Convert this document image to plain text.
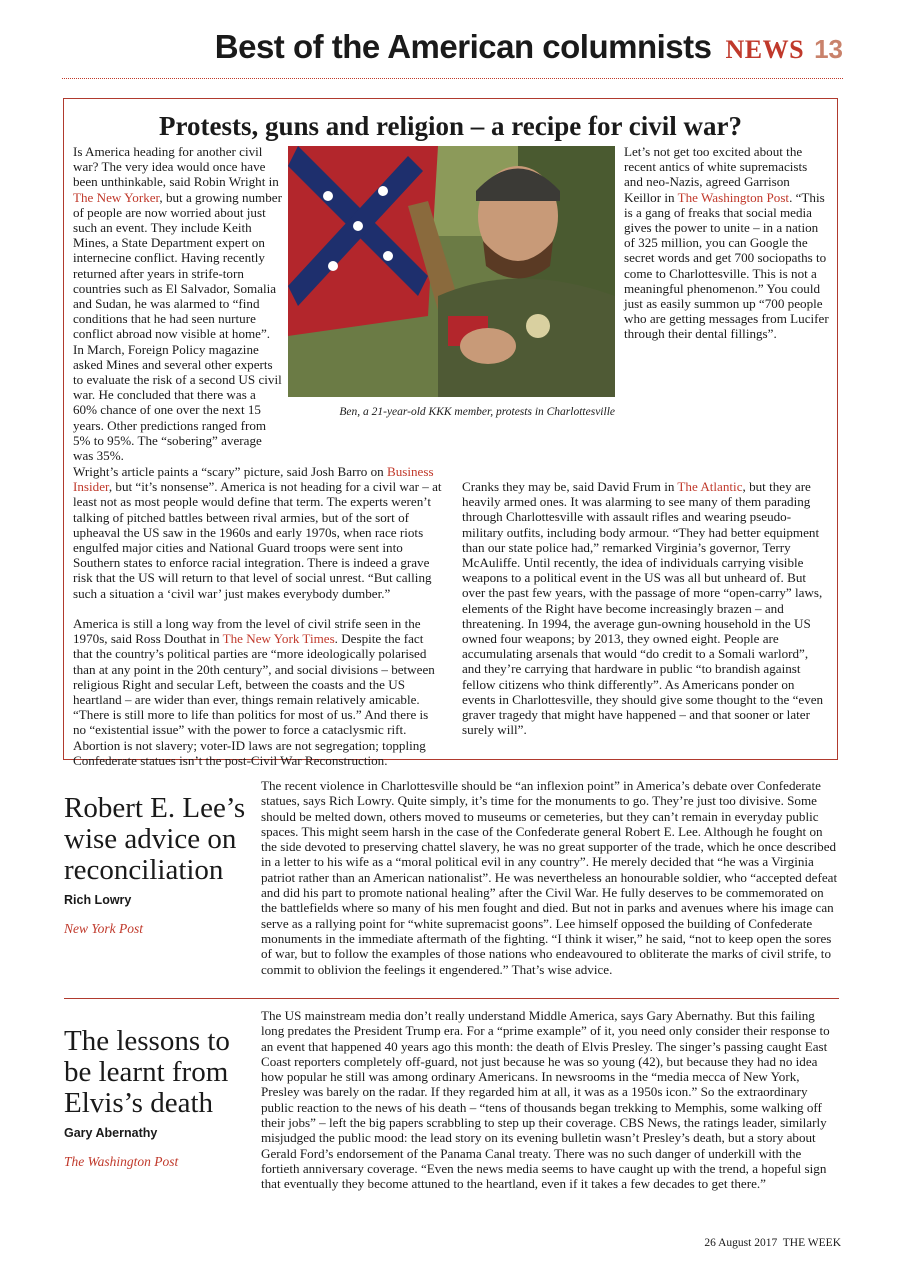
Best of the American columnists NEWS 13
Protests, guns and religion – a recipe for civil war?

Is America heading for another civil war? The very idea would once have been unthinkable, said Robin Wright in The New Yorker, but a growing number of people are now worried about just such an event. They include Keith Mines, a State Department expert on internecine conflict. Having recently returned after years in strife-torn countries such as El Salvador, Somalia and Sudan, he was alarmed to “find conditions that he had seen nurture conflict abroad now visible at home”. In March, Foreign Policy magazine asked Mines and several other experts to evaluate the risk of a second US civil war. He concluded that there was a 60% chance of one over the next 15 years. Other predictions ranged from 5% to 95%. The “sobering” average was 35%.

Ben, a 21-year-old KKK member, protests in Charlottesville

Wright’s article paints a “scary” picture, said Josh Barro on Business Insider, but “it’s nonsense”. America is not heading for a civil war – at least not as most people would define that term. The experts weren’t talking of pitched battles between rival armies, but of the sort of upheaval the US saw in the 1960s and early 1970s, when race riots engulfed major cities and National Guard troops were sent into Southern states to enforce racial integration. There is indeed a grave risk that the US will return to that level of social unrest. “But calling such a situation a ‘civil war’ just makes everybody dumber.”

America is still a long way from the level of civil strife seen in the 1970s, said Ross Douthat in The New York Times. Despite the fact that the country’s political parties are “more ideologically polarised than at any point in the 20th century”, and social divisions – between religious Right and secular Left, between the coasts and the US heartland – are wider than ever, things remain relatively amicable. “There is still more to life than politics for most of us.” And there is no “existential issue” with the power to force a cataclysmic rift. Abortion is not slavery; voter-ID laws are not segregation; toppling Confederate statues isn’t the post-Civil War Reconstruction.

Let’s not get too excited about the recent antics of white supremacists and neo-Nazis, agreed Garrison Keillor in The Washington Post. “This is a gang of freaks that social media gives the power to unite – in a nation of 325 million, you can Google the secret words and get 700 sociopaths to come to Charlottesville. This is not a meaningful phenomenon.” You could just as easily summon up “700 people who are getting messages from Lucifer through their dental fillings”.

Cranks they may be, said David Frum in The Atlantic, but they are heavily armed ones. It was alarming to see many of them parading through Charlottesville with assault rifles and wearing pseudo-military outfits, including body armour. “They had better equipment than our state police had,” remarked Virginia’s governor, Terry McAuliffe. Until recently, the idea of individuals carrying visible weapons to a political event in the US was all but unheard of. But over the past few years, with the passage of more “open-carry” laws, elements of the Right have become increasingly brazen – and threatening. In 1994, the average gun-owning household in the US owned four weapons; by 2013, they owned eight. People are accumulating arsenals that would “do credit to a Somali warlord”, and they’re carrying that hardware in public “to brandish against fellow citizens who think differently”. As Americans ponder on events in Charlottesville, they should give some thought to the “even graver tragedy that might have happened – and that sooner or later surely will”.

Robert E. Lee’s wise advice on reconciliation
Rich Lowry
New York Post
The recent violence in Charlottesville should be “an inflexion point” in America’s debate over Confederate statues, says Rich Lowry. Quite simply, it’s time for the monuments to go. They’re just too divisive. Some should be melted down, others moved to museums or cemeteries, but they can’t remain in everyday public spaces. This might seem harsh in the case of the Confederate general Robert E. Lee. Although he fought on the side devoted to preserving chattel slavery, he was no great supporter of the trade, which he once described in a letter to his wife as a “moral political evil in any country”. He merely decided that “he was a Virginia patriot rather than an American nationalist”. He was nevertheless an honourable soldier, who “accepted defeat and did his part to promote national healing” after the Civil War. He fully deserves to be commemorated on the battlefields where so many of his men fought and died. But not in parks and avenues where his image can serve as a rallying point for “white supremacist goons”. Lee himself opposed the building of Confederate monuments in the immediate aftermath of the fighting. “I think it wiser,” he said, “not to keep open the sores of war, but to follow the examples of those nations who endeavoured to obliterate the marks of civil strife, to commit to oblivion the feelings it engendered.” That’s wise advice.
The lessons to be learnt from Elvis’s death
Gary Abernathy
The Washington Post
The US mainstream media don’t really understand Middle America, says Gary Abernathy. But this failing long predates the President Trump era. For a “prime example” of it, you need only consider their response to an event that happened 40 years ago this month: the death of Elvis Presley. The singer’s passing caught East Coast reporters completely off-guard, not just because he was so young (42), but because they had no idea how popular he still was among ordinary Americans. In newsrooms in the “media mecca of New York, Presley was barely on the radar. If they regarded him at all, it was as a 1950s icon.” So the extraordinary public reaction to the news of his death – “tens of thousands began trekking to Memphis, some walking off their jobs” – left the big papers scrabbling to step up their coverage. CBS News, the ratings leader, similarly misjudged the public mood: the lead story on its evening bulletin wasn’t Presley’s death, but a story about Gerald Ford’s endorsement of the Panama Canal treaty. There was no such danger of underkill with the fortieth anniversary coverage. “Even the news media seems to have caught up with the trend, a hopeful sign that eventually they become attuned to the heartland, even if it takes a few decades to get there.”
26 August 2017 THE WEEK
